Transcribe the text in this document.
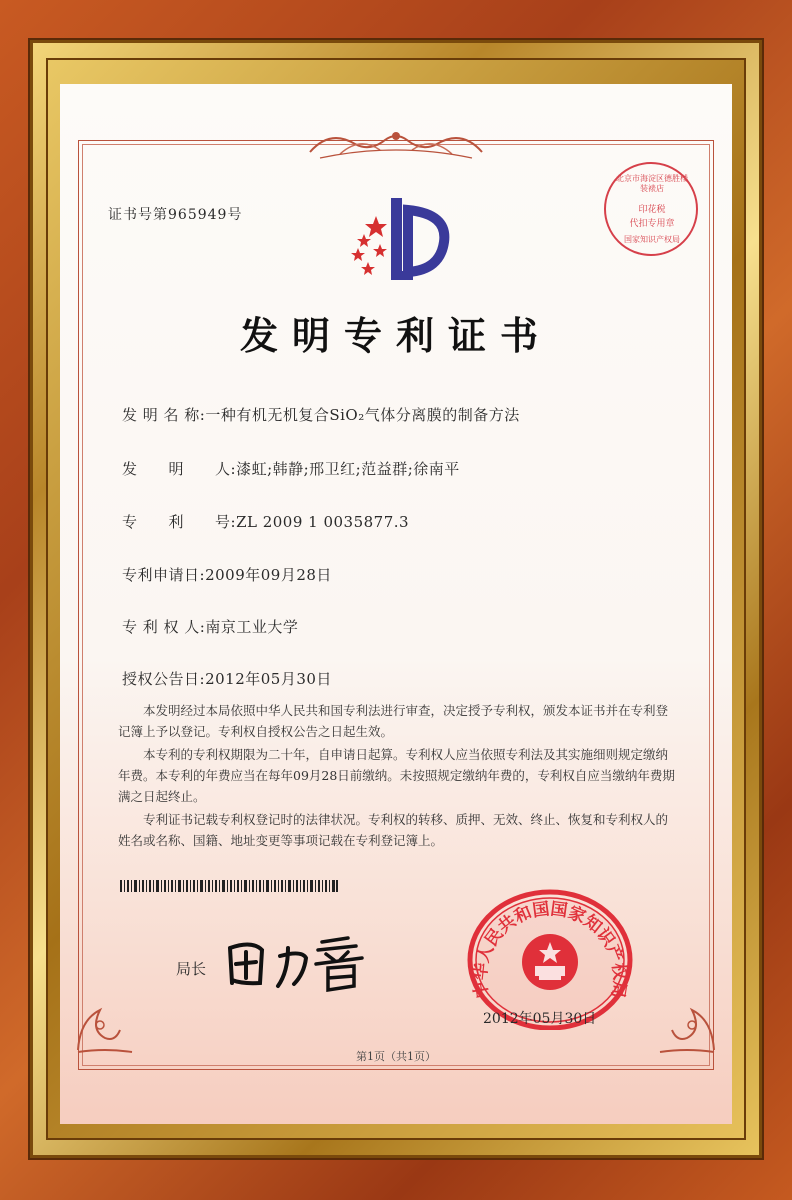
证书号第965949号
北京市海淀区德胜楼装裱店
印花税
代扣专用章
国家知识产权局
发明专利证书
发 明 名 称:一种有机无机复合SiO₂气体分离膜的制备方法
发　　明　　人:漆虹;韩静;邢卫红;范益群;徐南平
专　　利　　号:ZL 2009 1 0035877.3
专利申请日:2009年09月28日
专 利 权 人:南京工业大学
授权公告日:2012年05月30日

本发明经过本局依照中华人民共和国专利法进行审查，决定授予专利权，颁发本证书并在专利登记簿上予以登记。专利权自授权公告之日起生效。

本专利的专利权期限为二十年，自申请日起算。专利权人应当依照专利法及其实施细则规定缴纳年费。本专利的年费应当在每年09月28日前缴纳。未按照规定缴纳年费的，专利权自应当缴纳年费期满之日起终止。

专利证书记载专利权登记时的法律状况。专利权的转移、质押、无效、终止、恢复和专利权人的姓名或名称、国籍、地址变更等事项记载在专利登记簿上。

局长
中华人民共和国国家知识产权局
2012年05月30日
第1页（共1页）
